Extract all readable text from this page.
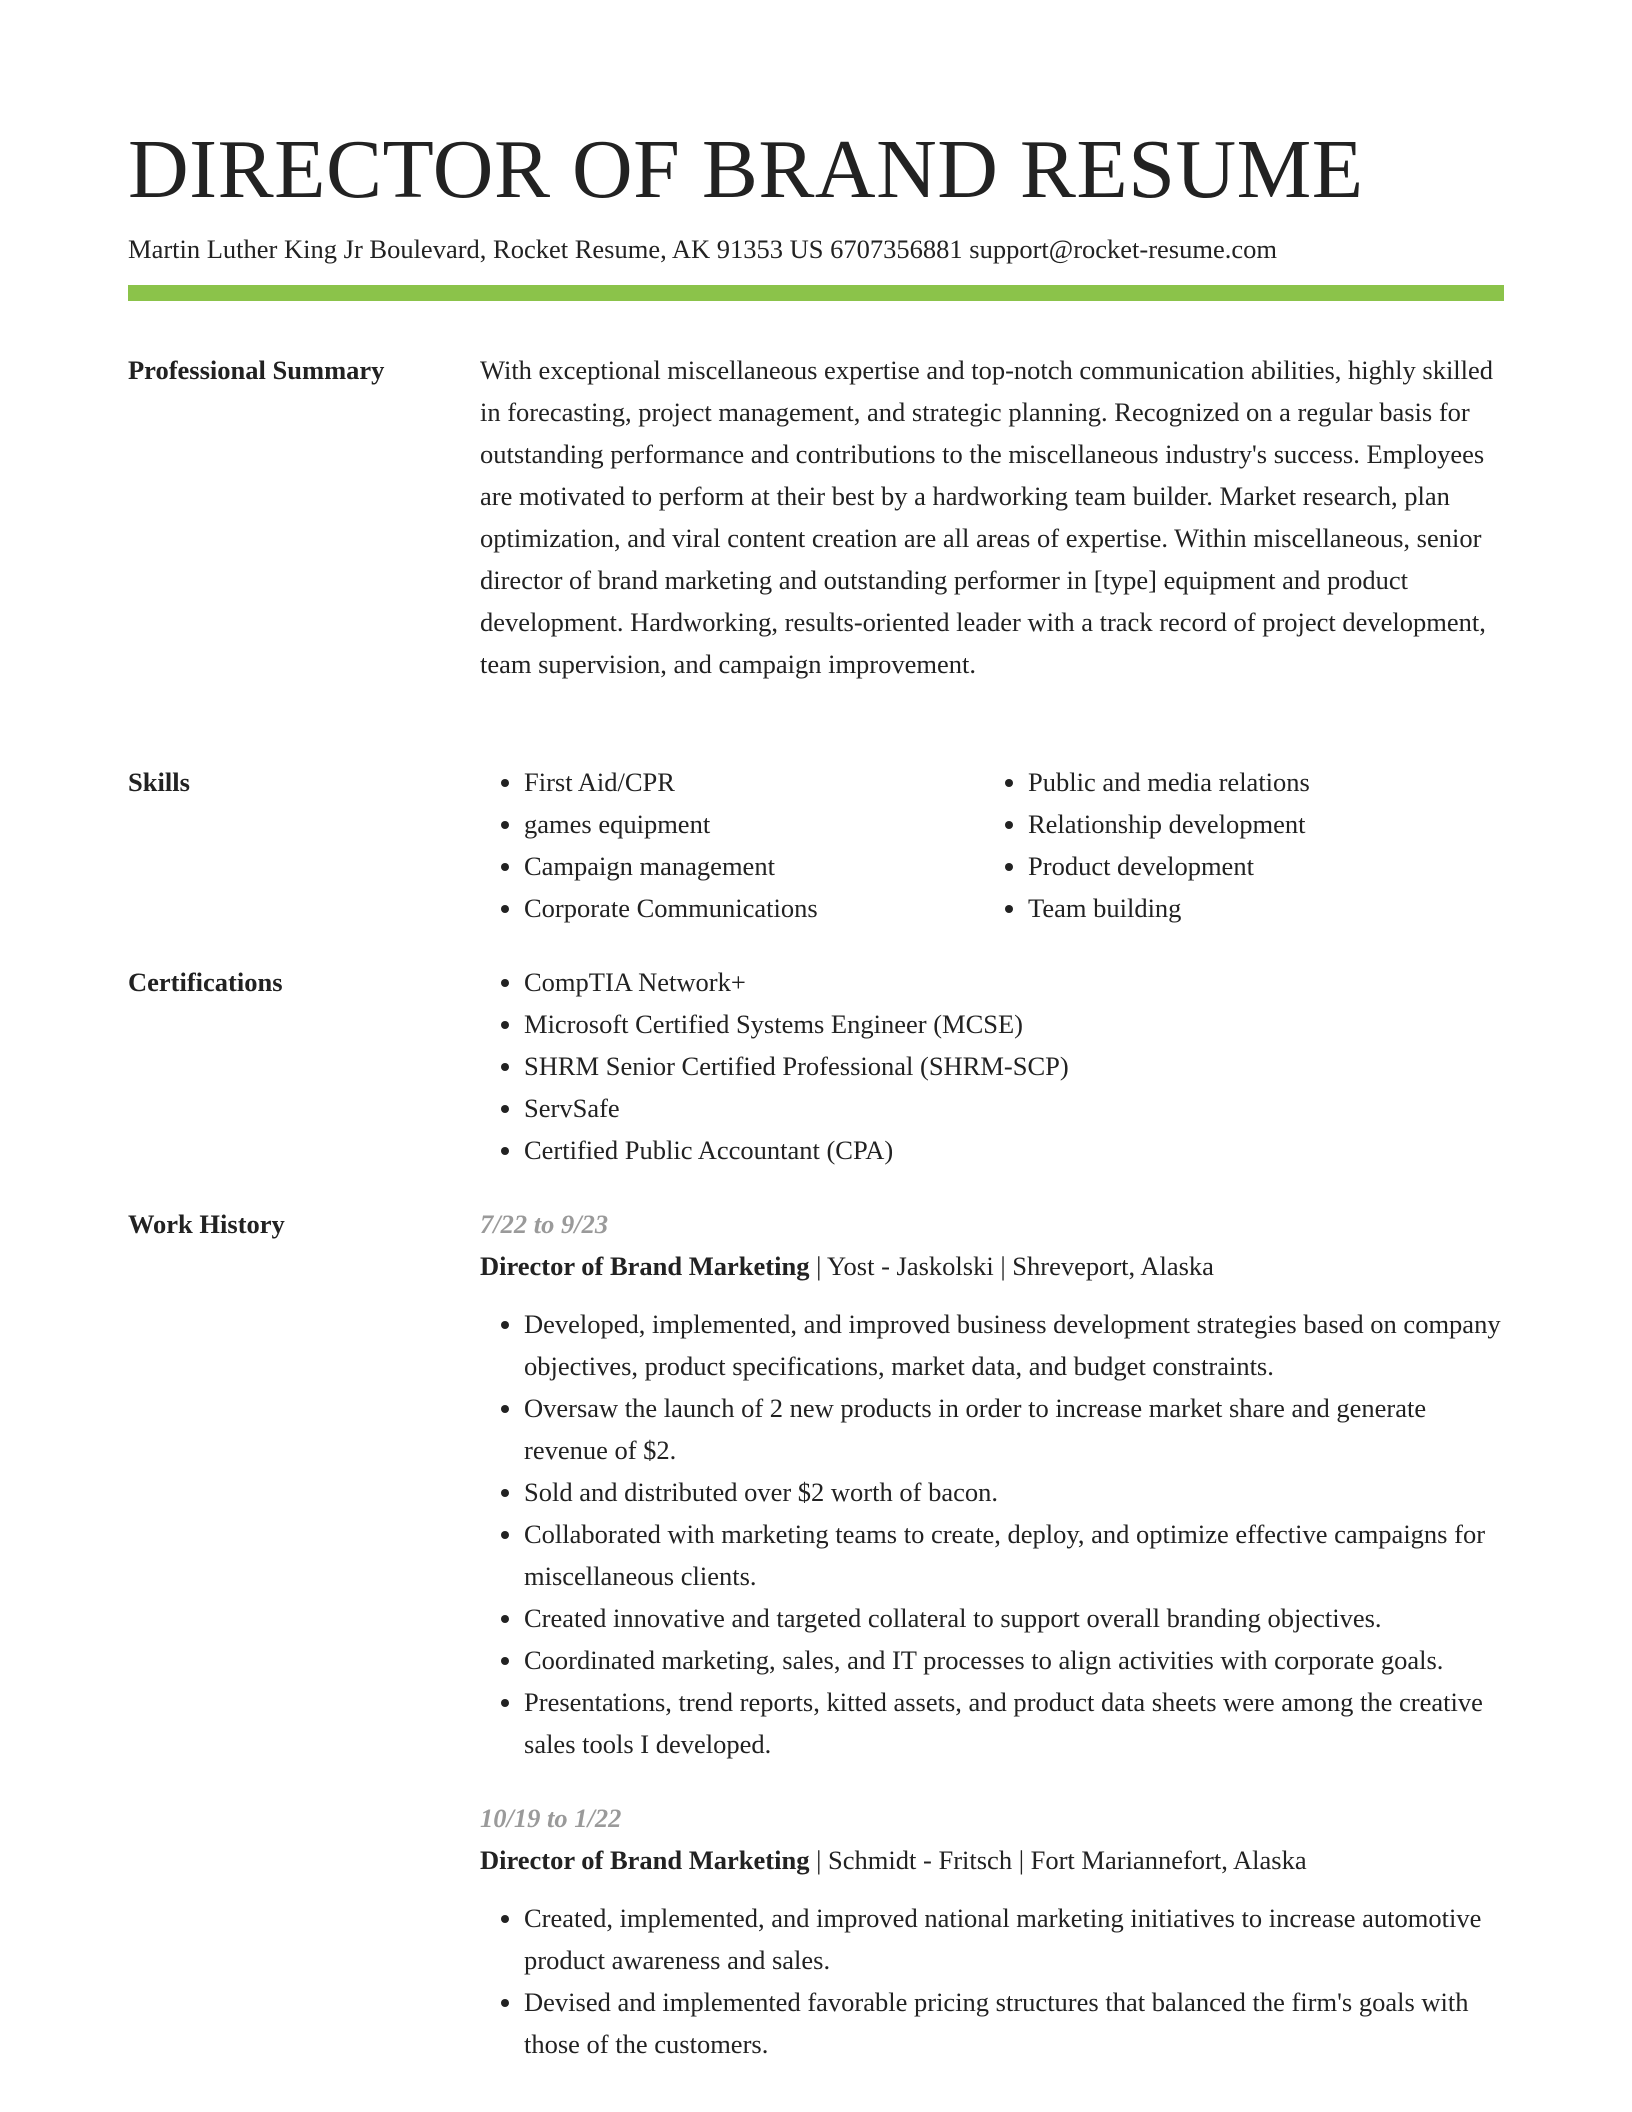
DIRECTOR OF BRAND RESUME
Martin Luther King Jr Boulevard, Rocket Resume, AK 91353 US 6707356881 support@rocket-resume.com
Professional Summary	With exceptional miscellaneous expertise and top-notch communication abilities, highly skilled in forecasting, project management, and strategic planning. Recognized on a regular basis for outstanding performance and contributions to the miscellaneous industry's success. Employees are motivated to perform at their best by a hardworking team builder. Market research, plan optimization, and viral content creation are all areas of expertise. Within miscellaneous, senior director of brand marketing and outstanding performer in [type] equipment and product development. Hardworking, results-oriented leader with a track record of project development, team supervision, and campaign improvement.

Skills	• First Aid/CPR
• games equipment
• Campaign management
• Corporate Communications
• Public and media relations
• Relationship development
• Product development
• Team building
Certifications	• CompTIA Network+
• Microsoft Certified Systems Engineer (MCSE)
• SHRM Senior Certified Professional (SHRM-SCP)
• ServSafe
• Certified Public Accountant (CPA)
Work History	7/22 to 9/23
Director of Brand Marketing | Yost - Jaskolski | Shreveport, Alaska
• Developed, implemented, and improved business development strategies based on company objectives, product specifications, market data, and budget constraints.
• Oversaw the launch of 2 new products in order to increase market share and generate revenue of $2.
• Sold and distributed over $2 worth of bacon.
• Collaborated with marketing teams to create, deploy, and optimize effective campaigns for miscellaneous clients.
• Created innovative and targeted collateral to support overall branding objectives.
• Coordinated marketing, sales, and IT processes to align activities with corporate goals.
• Presentations, trend reports, kitted assets, and product data sheets were among the creative sales tools I developed.
10/19 to 1/22
Director of Brand Marketing | Schmidt - Fritsch | Fort Mariannefort, Alaska
• Created, implemented, and improved national marketing initiatives to increase automotive product awareness and sales.
• Devised and implemented favorable pricing structures that balanced the firm's goals with those of the customers.
